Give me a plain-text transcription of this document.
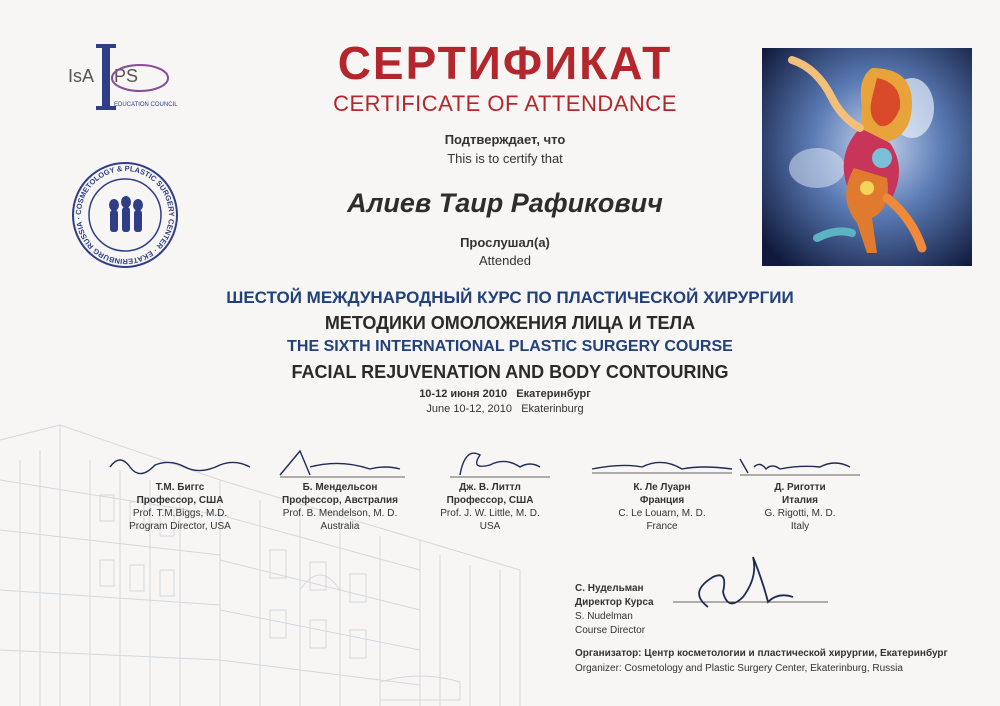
IsA PS
EDUCATION COUNCIL
COSMETOLOGY & PLASTIC SURGERY CENTER · EKATERINBURG RUSSIA ·
СЕРТИФИКАТ
CERTIFICATE OF ATTENDANCE
Подтверждает, что
This is to certify that
Алиев Таир Рафикович
Прослушал(а)
Attended
ШЕСТОЙ МЕЖДУНАРОДНЫЙ КУРС ПО ПЛАСТИЧЕСКОЙ ХИРУРГИИ
МЕТОДИКИ ОМОЛОЖЕНИЯ ЛИЦА И ТЕЛА
THE SIXTH INTERNATIONAL PLASTIC SURGERY COURSE
FACIAL REJUVENATION AND BODY CONTOURING
10-12 июня 2010   Екатеринбург
June 10-12, 2010   Ekaterinburg
Т.М. Биггс
Профессор, США
Prof. T.M.Biggs, M.D.
Program Director, USA
Б. Мендельсон
Профессор, Австралия
Prof. B. Mendelson, M. D.
Australia
Дж. В. Литтл
Профессор, США
Prof. J. W. Little, M. D.
USA
К. Ле Луарн
Франция
C. Le Louarn, M. D.
France
Д. Риготти
Италия
G. Rigotti, M. D.
Italy
С. Нудельман
Директор Курса
S. Nudelman
Course Director
Организатор: Центр косметологии и пластической хирургии, Екатеринбург
Organizer: Cosmetology and Plastic Surgery Center, Ekaterinburg, Russia
